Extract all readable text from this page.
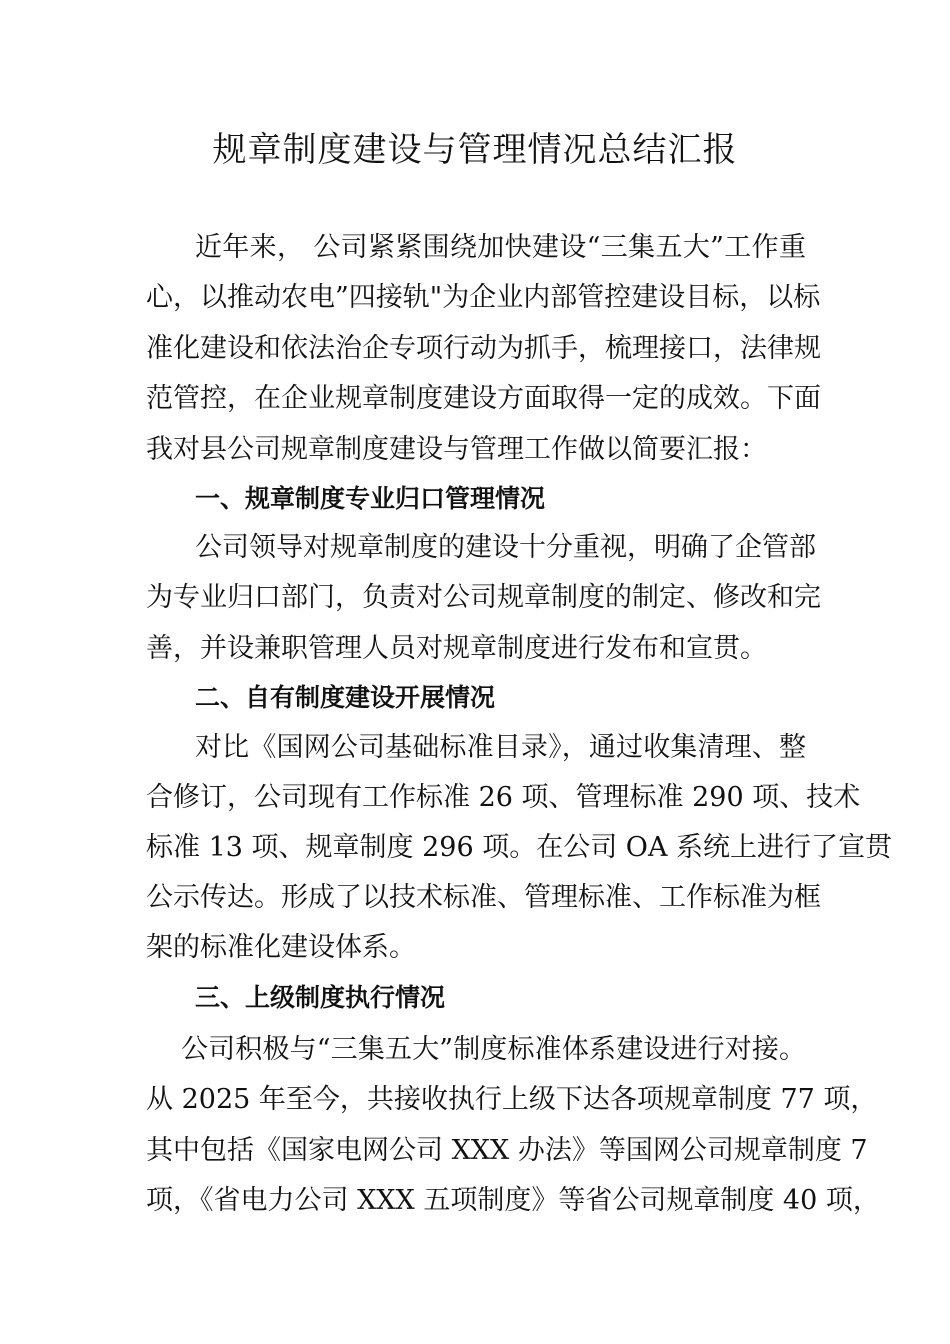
规章制度建设与管理情况总结汇报
近年来， 公司紧紧围绕加快建设“三集五大”工作重
心，以推动农电”四接轨"为企业内部管控建设目标，以标
准化建设和依法治企专项行动为抓手，梳理接口，法律规
范管控，在企业规章制度建设方面取得一定的成效。下面
我对县公司规章制度建设与管理工作做以简要汇报：
一、规章制度专业归口管理情况
公司领导对规章制度的建设十分重视，明确了企管部
为专业归口部门，负责对公司规章制度的制定、修改和完
善，并设兼职管理人员对规章制度进行发布和宣贯。
二、自有制度建设开展情况
对比《国网公司基础标准目录》，通过收集清理、整
合修订，公司现有工作标准 26 项、管理标准 290 项、技术
标准 13 项、规章制度 296 项。在公司 OA 系统上进行了宣贯
公示传达。形成了以技术标准、管理标准、工作标准为框
架的标准化建设体系。
三、上级制度执行情况
公司积极与“三集五大”制度标准体系建设进行对接。
从 2025 年至今，共接收执行上级下达各项规章制度 77 项，
其中包括《国家电网公司 XXX 办法》等国网公司规章制度 7
项，《省电力公司 XXX 五项制度》等省公司规章制度 40 项，
